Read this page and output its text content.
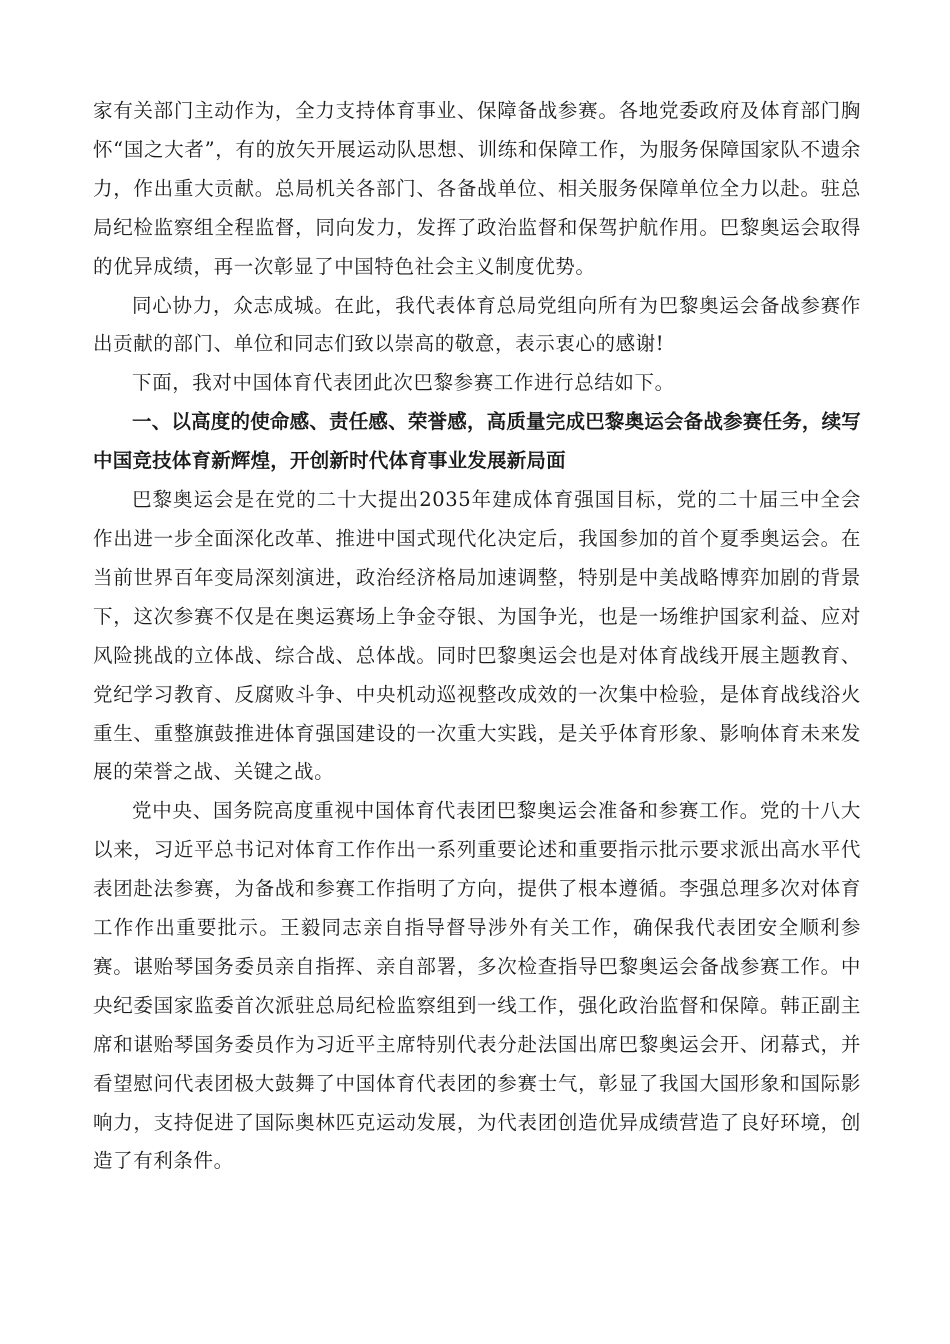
家有关部门主动作为，全力支持体育事业、保障备战参赛。各地党委政府及体育部门胸怀“国之大者”，有的放矢开展运动队思想、训练和保障工作，为服务保障国家队不遗余力，作出重大贡献。总局机关各部门、各备战单位、相关服务保障单位全力以赴。驻总局纪检监察组全程监督，同向发力，发挥了政治监督和保驾护航作用。巴黎奥运会取得的优异成绩，再一次彰显了中国特色社会主义制度优势。

同心协力，众志成城。在此，我代表体育总局党组向所有为巴黎奥运会备战参赛作出贡献的部门、单位和同志们致以崇高的敬意，表示衷心的感谢!

下面，我对中国体育代表团此次巴黎参赛工作进行总结如下。

一、以高度的使命感、责任感、荣誉感，高质量完成巴黎奥运会备战参赛任务，续写中国竞技体育新辉煌，开创新时代体育事业发展新局面

巴黎奥运会是在党的二十大提出2035年建成体育强国目标，党的二十届三中全会作出进一步全面深化改革、推进中国式现代化决定后，我国参加的首个夏季奥运会。在当前世界百年变局深刻演进，政治经济格局加速调整，特别是中美战略博弈加剧的背景下，这次参赛不仅是在奥运赛场上争金夺银、为国争光，也是一场维护国家利益、应对风险挑战的立体战、综合战、总体战。同时巴黎奥运会也是对体育战线开展主题教育、党纪学习教育、反腐败斗争、中央机动巡视整改成效的一次集中检验，是体育战线浴火重生、重整旗鼓推进体育强国建设的一次重大实践，是关乎体育形象、影响体育未来发展的荣誉之战、关键之战。

党中央、国务院高度重视中国体育代表团巴黎奥运会准备和参赛工作。党的十八大以来，习近平总书记对体育工作作出一系列重要论述和重要指示批示要求派出高水平代表团赴法参赛，为备战和参赛工作指明了方向，提供了根本遵循。李强总理多次对体育工作作出重要批示。王毅同志亲自指导督导涉外有关工作，确保我代表团安全顺利参赛。谌贻琴国务委员亲自指挥、亲自部署，多次检查指导巴黎奥运会备战参赛工作。中央纪委国家监委首次派驻总局纪检监察组到一线工作，强化政治监督和保障。韩正副主席和谌贻琴国务委员作为习近平主席特别代表分赴法国出席巴黎奥运会开、闭幕式，并看望慰问代表团极大鼓舞了中国体育代表团的参赛士气，彰显了我国大国形象和国际影响力，支持促进了国际奥林匹克运动发展，为代表团创造优异成绩营造了良好环境，创造了有利条件。
